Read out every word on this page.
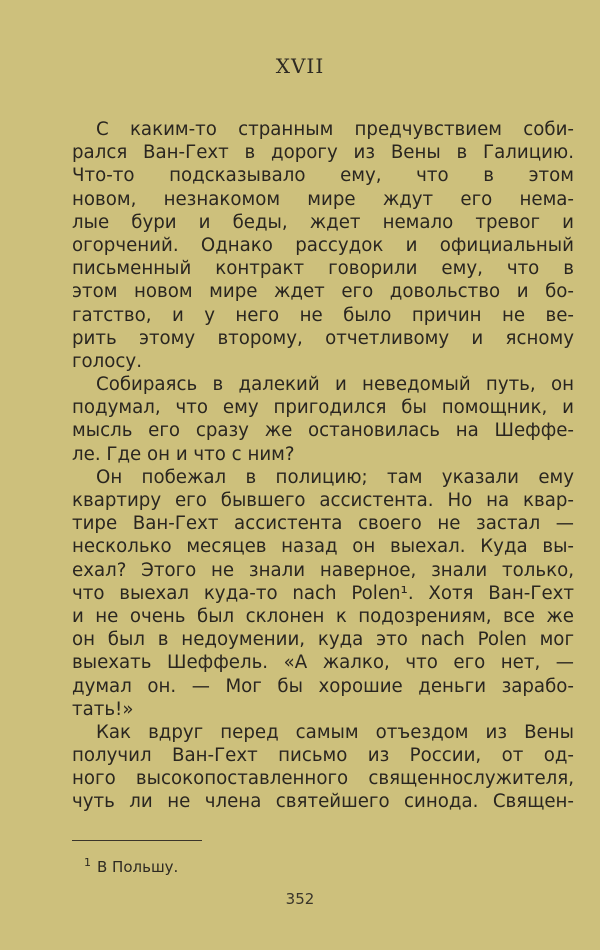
XVII
С каким-то странным предчувствием соби-
рался Ван-Гехт в дорогу из Вены в Галицию.
Что-то подсказывало ему, что в этом
новом, незнакомом мире ждут его нема-
лые бури и беды, ждет немало тревог и
огорчений. Однако рассудок и официальный
письменный контракт говорили ему, что в
этом новом мире ждет его довольство и бо-
гатство, и у него не было причин не ве-
рить этому второму, отчетливому и ясному
голосу.
Собираясь в далекий и неведомый путь, он
подумал, что ему пригодился бы помощник, и
мысль его сразу же остановилась на Шеффе-
ле. Где он и что с ним?
Он побежал в полицию; там указали ему
квартиру его бывшего ассистента. Но на квар-
тире Ван-Гехт ассистента своего не застал —
несколько месяцев назад он выехал. Куда вы-
ехал? Этого не знали наверное, знали только,
что выехал куда-то nach Polen¹. Хотя Ван-Гехт
и не очень был склонен к подозрениям, все же
он был в недоумении, куда это nach Polen мог
выехать Шеффель. «А жалко, что его нет, —
думал он. — Мог бы хорошие деньги зарабо-
тать!»
Как вдруг перед самым отъездом из Вены
получил Ван-Гехт письмо из России, от од-
ного высокопоставленного священнослужителя,
чуть ли не члена святейшего синода. Священ-
$^1$ В Польшу.
352
